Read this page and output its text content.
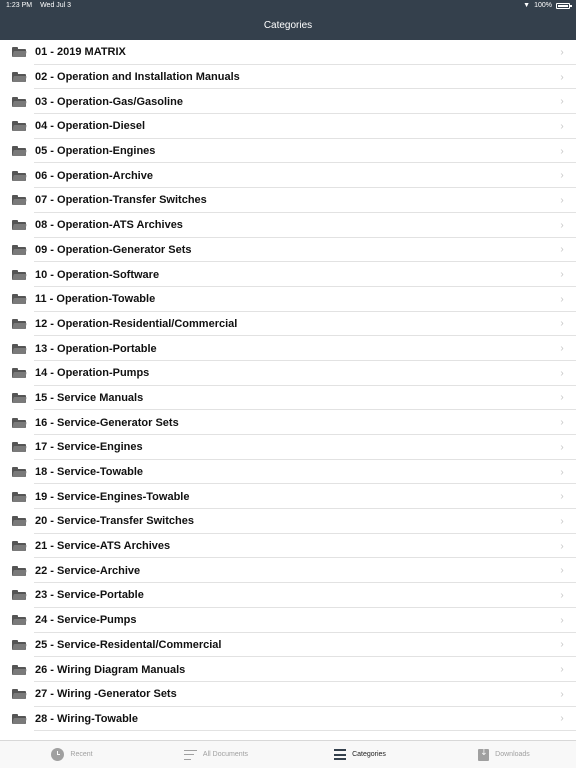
1:23 PM Wed Jul 3	▼ 100%
Categories
01 - 2019 MATRIX	›
02 - Operation and Installation Manuals	›
03 - Operation-Gas/Gasoline	›
04 - Operation-Diesel	›
05 - Operation-Engines	›
06 - Operation-Archive	›
07 - Operation-Transfer Switches	›
08 - Operation-ATS Archives	›
09 - Operation-Generator Sets	›
10 - Operation-Software	›
11 - Operation-Towable	›
12 - Operation-Residential/Commercial	›
13 - Operation-Portable	›
14 - Operation-Pumps	›
15 - Service Manuals	›
16 - Service-Generator Sets	›
17 - Service-Engines	›
18 - Service-Towable	›
19 - Service-Engines-Towable	›
20 - Service-Transfer Switches	›
21 - Service-ATS Archives	›
22 - Service-Archive	›
23 - Service-Portable	›
24 - Service-Pumps	›
25 - Service-Residental/Commercial	›
26 - Wiring Diagram Manuals	›
27 - Wiring -Generator Sets	›
28 - Wiring-Towable	›
Recent	All Documents	Categories
↓	Downloads
